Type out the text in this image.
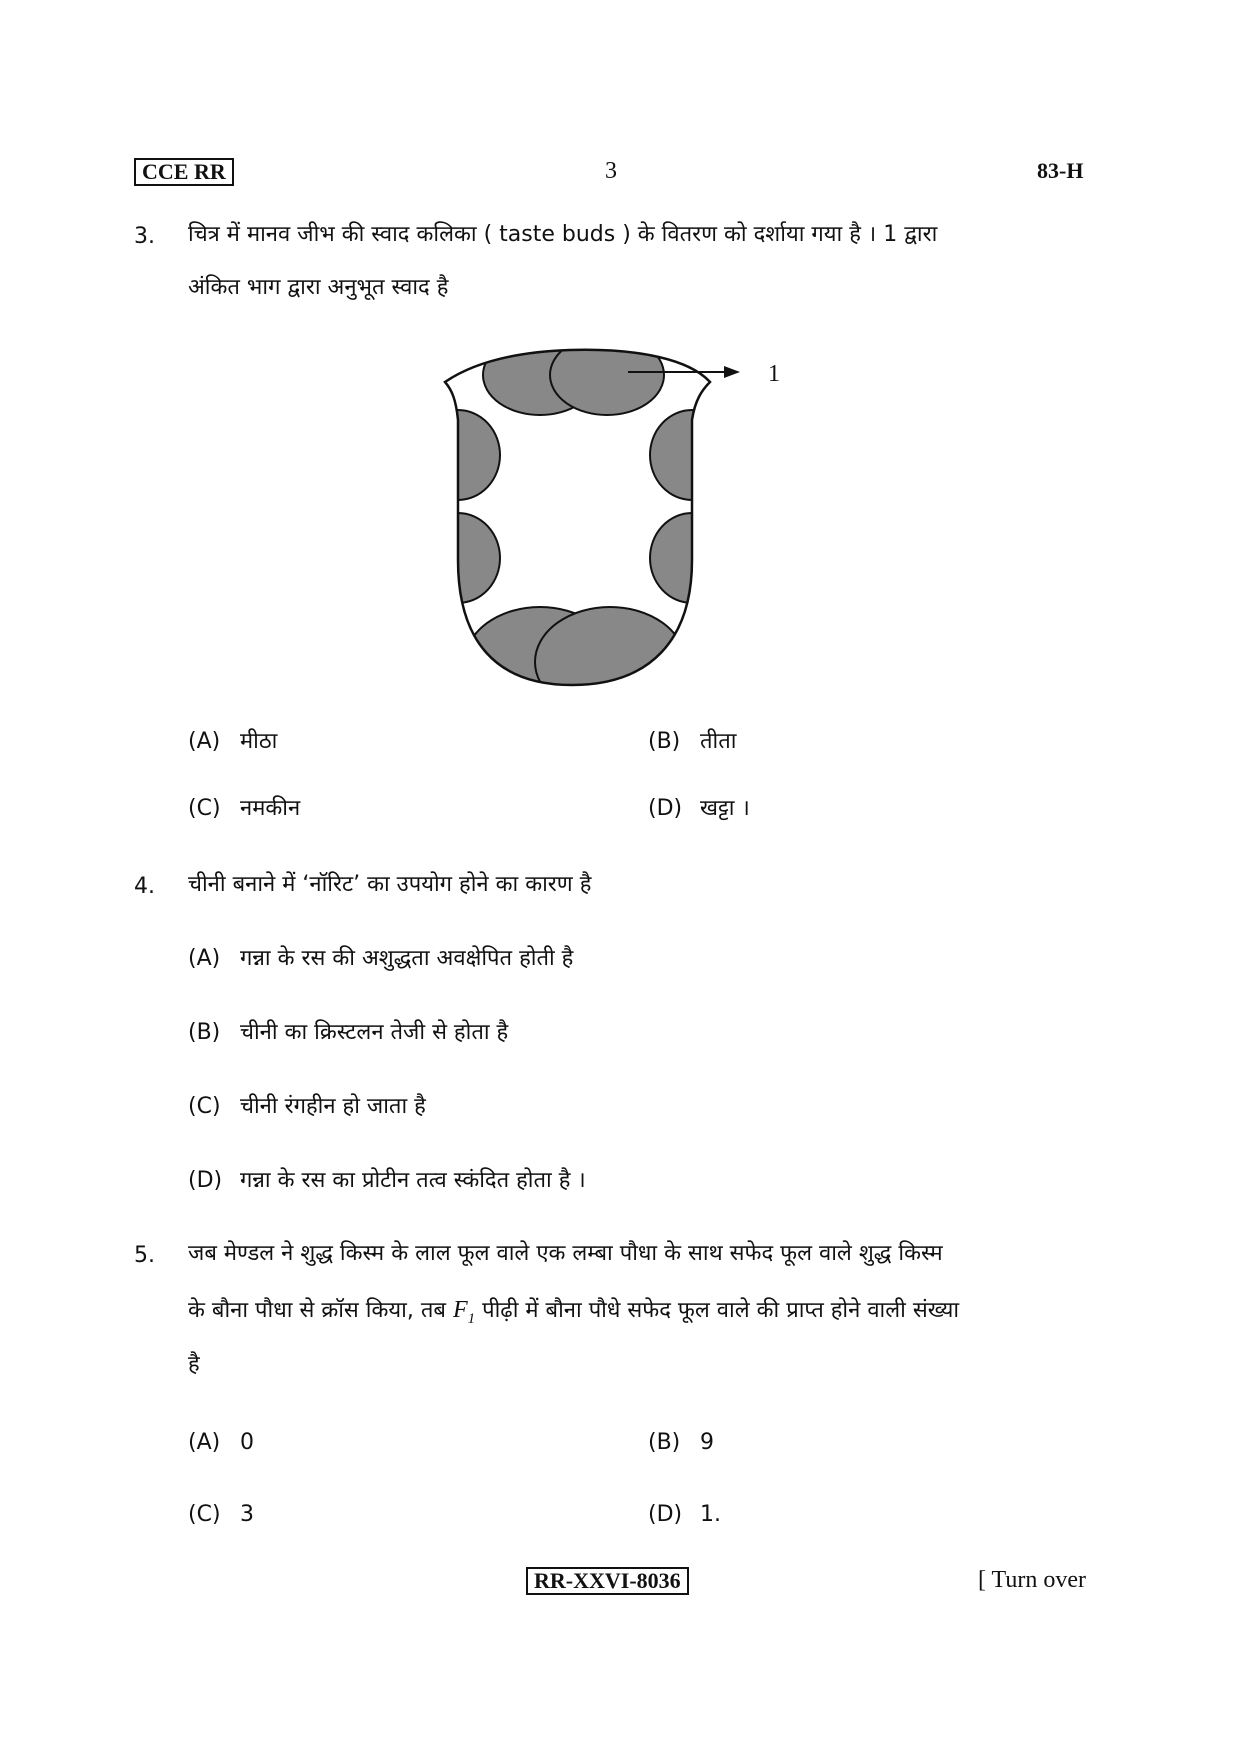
CCE RR	3	83-H
3. चित्र में मानव जीभ की स्वाद कलिका ( taste buds ) के वितरण को दर्शाया गया है । 1 द्वारा
अंकित भाग द्वारा अनुभूत स्वाद है
1
(A) मीठा	(B) तीता
(C) नमकीन	(D) खट्टा ।
4. चीनी बनाने में ‘नॉरिट’ का उपयोग होने का कारण है
(A) गन्ना के रस की अशुद्धता अवक्षेपित होती है
(B) चीनी का क्रिस्टलन तेजी से होता है
(C) चीनी रंगहीन हो जाता है
(D) गन्ना के रस का प्रोटीन तत्व स्कंदित होता है ।
5. जब मेण्डल ने शुद्ध किस्म के लाल फूल वाले एक लम्बा पौधा के साथ सफेद फूल वाले शुद्ध किस्म
के बौना पौधा से क्रॉस किया, तब $F_1$ पीढ़ी में बौना पौधे सफेद फूल वाले की प्राप्त होने वाली संख्या
है
(A) 0	(B) 9
(C) 3	(D) 1.
RR-XXVI-8036	[ Turn over
